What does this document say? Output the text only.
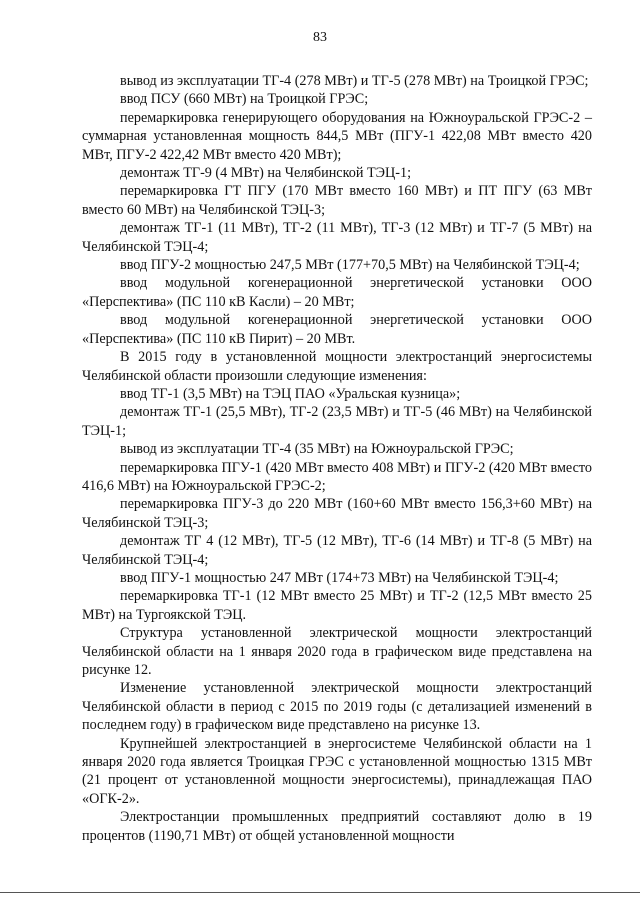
83

вывод из эксплуатации ТГ-4 (278 МВт) и ТГ-5 (278 МВт) на Троицкой ГРЭС;

ввод ПСУ (660 МВт) на Троицкой ГРЭС;

перемаркировка генерирующего оборудования на Южноуральской ГРЭС-2 – суммарная установленная мощность 844,5 МВт (ПГУ-1 422,08 МВт вместо 420 МВт, ПГУ-2 422,42 МВт вместо 420 МВт);

демонтаж ТГ-9 (4 МВт) на Челябинской ТЭЦ-1;

перемаркировка ГТ ПГУ (170 МВт вместо 160 МВт) и ПТ ПГУ (63 МВт вместо 60 МВт) на Челябинской ТЭЦ-3;

демонтаж ТГ-1 (11 МВт), ТГ-2 (11 МВт), ТГ-3 (12 МВт) и ТГ-7 (5 МВт) на Челябинской ТЭЦ-4;

ввод ПГУ-2 мощностью 247,5 МВт (177+70,5 МВт) на Челябинской ТЭЦ-4;

ввод модульной когенерационной энергетической установки ООО «Перспектива» (ПС 110 кВ Касли) – 20 МВт;

ввод модульной когенерационной энергетической установки ООО «Перспектива» (ПС 110 кВ Пирит) – 20 МВт.

В 2015 году в установленной мощности электростанций энергосистемы Челябинской области произошли следующие изменения:

ввод ТГ-1 (3,5 МВт) на ТЭЦ ПАО «Уральская кузница»;

демонтаж ТГ-1 (25,5 МВт), ТГ-2 (23,5 МВт) и ТГ-5 (46 МВт) на Челябинской ТЭЦ-1;

вывод из эксплуатации ТГ-4 (35 МВт) на Южноуральской ГРЭС;

перемаркировка ПГУ-1 (420 МВт вместо 408 МВт) и ПГУ-2 (420 МВт вместо 416,6 МВт) на Южноуральской ГРЭС-2;

перемаркировка ПГУ-3 до 220 МВт (160+60 МВт вместо 156,3+60 МВт) на Челябинской ТЭЦ-3;

демонтаж ТГ 4 (12 МВт), ТГ-5 (12 МВт), ТГ-6 (14 МВт) и ТГ-8 (5 МВт) на Челябинской ТЭЦ-4;

ввод ПГУ-1 мощностью 247 МВт (174+73 МВт) на Челябинской ТЭЦ-4;

перемаркировка ТГ-1 (12 МВт вместо 25 МВт) и ТГ-2 (12,5 МВт вместо 25 МВт) на Тургоякской ТЭЦ.

Структура установленной электрической мощности электростанций Челябинской области на 1 января 2020 года в графическом виде представлена на рисунке 12.

Изменение установленной электрической мощности электростанций Челябинской области в период с 2015 по 2019 годы (с детализацией изменений в последнем году) в графическом виде представлено на рисунке 13.

Крупнейшей электростанцией в энергосистеме Челябинской области на 1 января 2020 года является Троицкая ГРЭС с установленной мощностью 1315 МВт (21 процент от установленной мощности энергосистемы), принадлежащая ПАО «ОГК-2».

Электростанции промышленных предприятий составляют долю в 19 процентов (1190,71 МВт) от общей установленной мощности
